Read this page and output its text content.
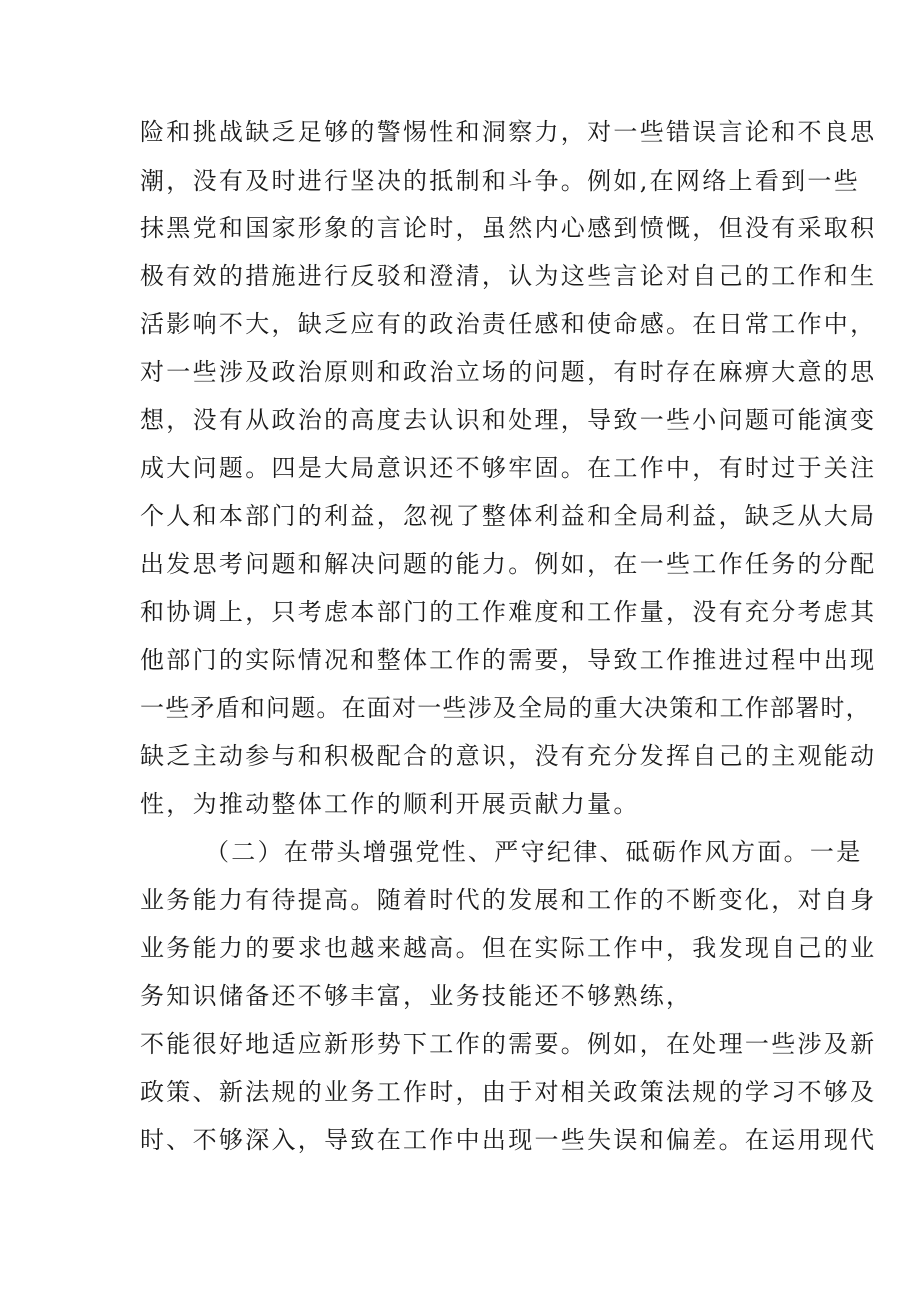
险和挑战缺乏足够的警惕性和洞察力，对一些错误言论和不良思

潮，没有及时进行坚决的抵制和斗争。例如,在网络上看到一些

抹黑党和国家形象的言论时，虽然内心感到愤慨，但没有采取积

极有效的措施进行反驳和澄清，认为这些言论对自己的工作和生

活影响不大，缺乏应有的政治责任感和使命感。在日常工作中，

对一些涉及政治原则和政治立场的问题，有时存在麻痹大意的思

想，没有从政治的高度去认识和处理，导致一些小问题可能演变

成大问题。四是大局意识还不够牢固。在工作中，有时过于关注

个人和本部门的利益，忽视了整体利益和全局利益，缺乏从大局

出发思考问题和解决问题的能力。例如，在一些工作任务的分配

和协调上，只考虑本部门的工作难度和工作量，没有充分考虑其

他部门的实际情况和整体工作的需要，导致工作推进过程中出现

一些矛盾和问题。在面对一些涉及全局的重大决策和工作部署时，

缺乏主动参与和积极配合的意识，没有充分发挥自己的主观能动

性，为推动整体工作的顺利开展贡献力量。

（二）在带头增强党性、严守纪律、砥砺作风方面。一是

业务能力有待提高。随着时代的发展和工作的不断变化，对自身

业务能力的要求也越来越高。但在实际工作中，我发现自己的业

务知识储备还不够丰富，业务技能还不够熟练，

不能很好地适应新形势下工作的需要。例如，在处理一些涉及新

政策、新法规的业务工作时，由于对相关政策法规的学习不够及

时、不够深入，导致在工作中出现一些失误和偏差。在运用现代
